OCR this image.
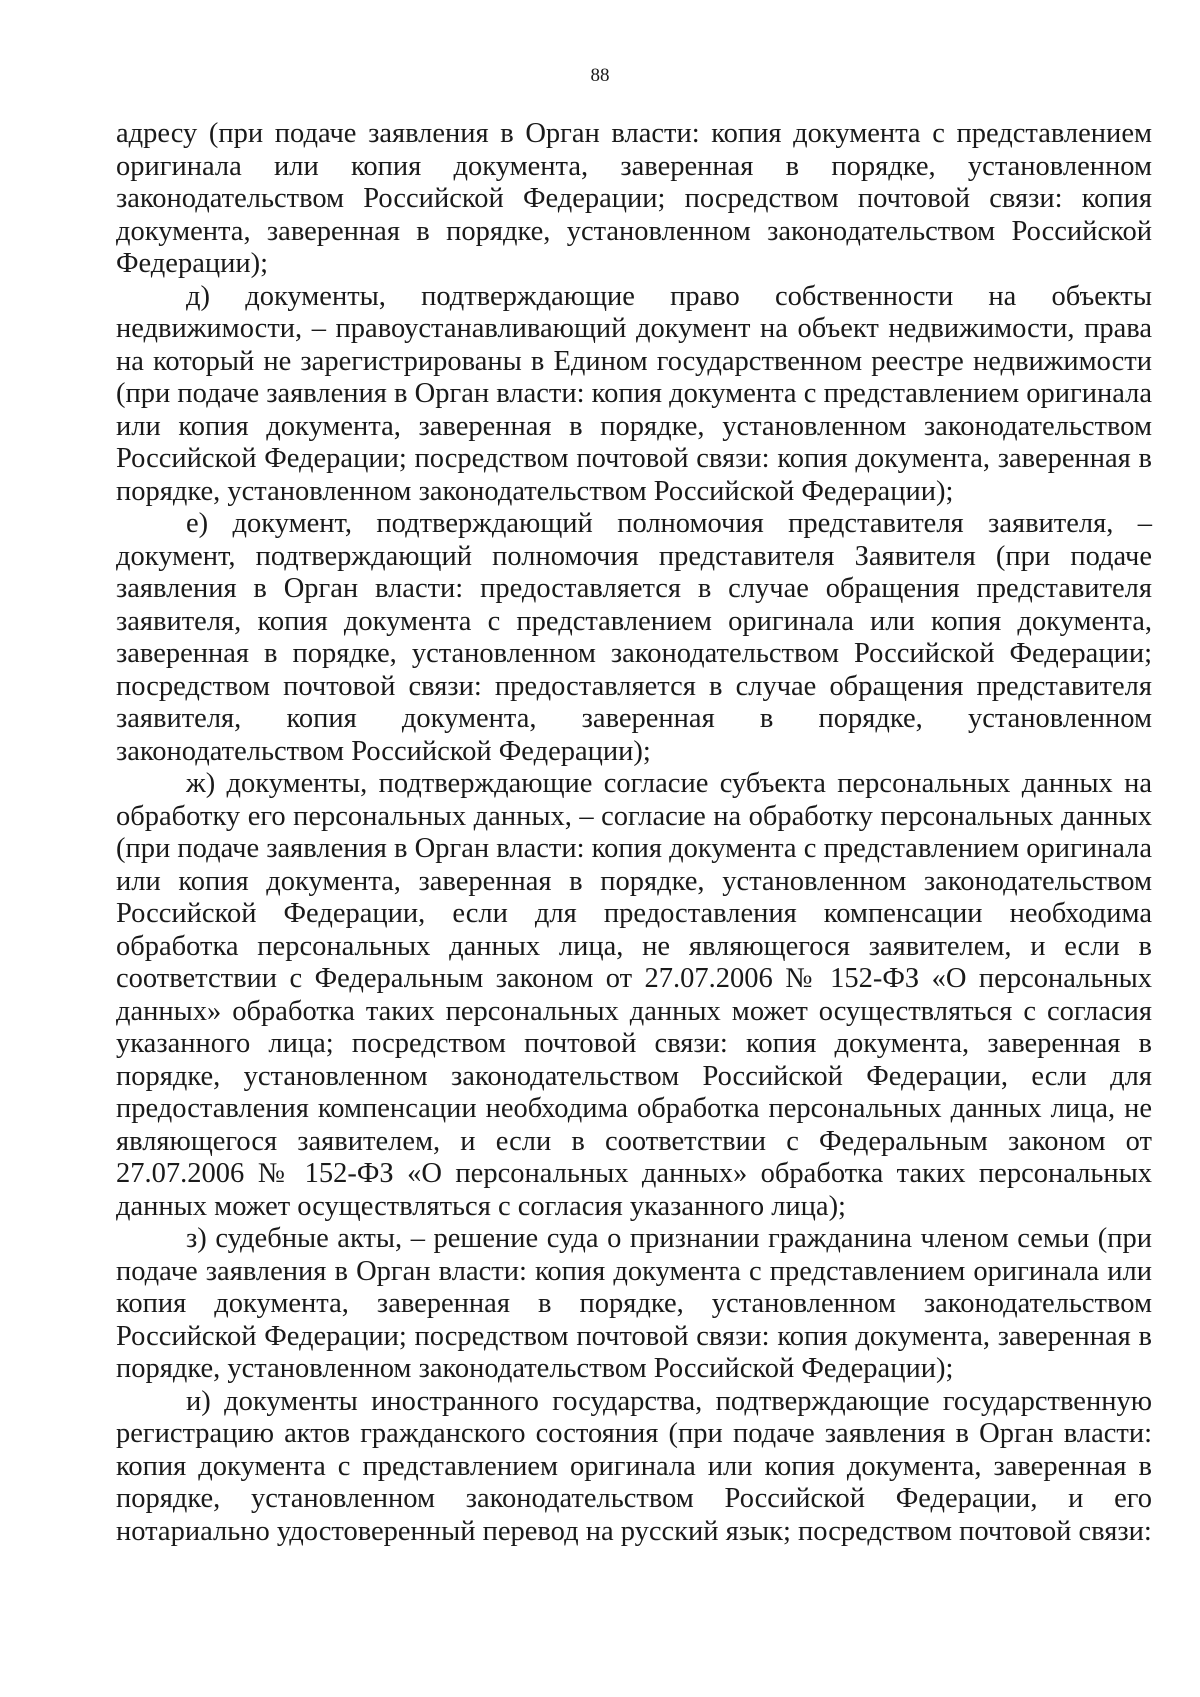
88

адресу (при подаче заявления в Орган власти: копия документа с представлением оригинала или копия документа, заверенная в порядке, установленном законодательством Российской Федерации; посредством почтовой связи: копия документа, заверенная в порядке, установленном законодательством Российской Федерации);

д) документы, подтверждающие право собственности на объекты недвижимости, – правоустанавливающий документ на объект недвижимости, права на который не зарегистрированы в Едином государственном реестре недвижимости (при подаче заявления в Орган власти: копия документа с представлением оригинала или копия документа, заверенная в порядке, установленном законодательством Российской Федерации; посредством почтовой связи: копия документа, заверенная в порядке, установленном законодательством Российской Федерации);

е) документ, подтверждающий полномочия представителя заявителя, – документ, подтверждающий полномочия представителя Заявителя (при подаче заявления в Орган власти: предоставляется в случае обращения представителя заявителя, копия документа с представлением оригинала или копия документа, заверенная в порядке, установленном законодательством Российской Федерации; посредством почтовой связи: предоставляется в случае обращения представителя заявителя, копия документа, заверенная в порядке, установленном законодательством Российской Федерации);

ж) документы, подтверждающие согласие субъекта персональных данных на обработку его персональных данных, – согласие на обработку персональных данных (при подаче заявления в Орган власти: копия документа с представлением оригинала или копия документа, заверенная в порядке, установленном законодательством Российской Федерации, если для предоставления компенсации необходима обработка персональных данных лица, не являющегося заявителем, и если в соответствии с Федеральным законом от 27.07.2006 № 152-ФЗ «О персональных данных» обработка таких персональных данных может осуществляться с согласия указанного лица; посредством почтовой связи: копия документа, заверенная в порядке, установленном законодательством Российской Федерации, если для предоставления компенсации необходима обработка персональных данных лица, не являющегося заявителем, и если в соответствии с Федеральным законом от 27.07.2006 № 152-ФЗ «О персональных данных» обработка таких персональных данных может осуществляться с согласия указанного лица);

з) судебные акты, – решение суда о признании гражданина членом семьи (при подаче заявления в Орган власти: копия документа с представлением оригинала или копия документа, заверенная в порядке, установленном законодательством Российской Федерации; посредством почтовой связи: копия документа, заверенная в порядке, установленном законодательством Российской Федерации);

и) документы иностранного государства, подтверждающие государственную регистрацию актов гражданского состояния (при подаче заявления в Орган власти: копия документа с представлением оригинала или копия документа, заверенная в порядке, установленном законодательством Российской Федерации, и его нотариально удостоверенный перевод на русский язык; посредством почтовой связи:
